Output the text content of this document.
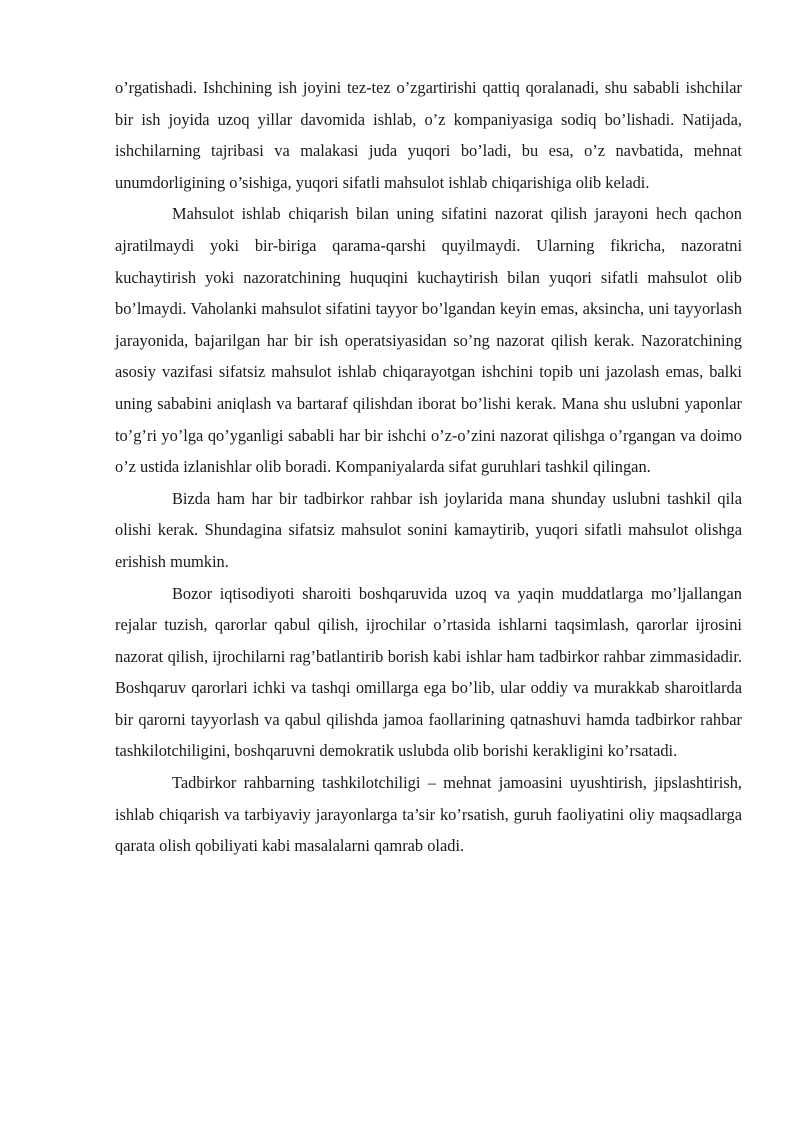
o’rgatishadi. Ishchining ish joyini tez-tez o’zgartirishi qattiq qoralanadi, shu sababli ishchilar bir ish joyida uzoq yillar davomida ishlab, o’z kompaniyasiga sodiq bo’lishadi. Natijada, ishchilarning tajribasi va malakasi juda yuqori bo’ladi, bu esa, o’z navbatida, mehnat unumdorligining o’sishiga, yuqori sifatli mahsulot ishlab chiqarishiga olib keladi.

Mahsulot ishlab chiqarish bilan uning sifatini nazorat qilish jarayoni hech qachon ajratilmaydi yoki bir-biriga qarama-qarshi quyilmaydi. Ularning fikricha, nazoratni kuchaytirish yoki nazoratchining huquqini kuchaytirish bilan yuqori sifatli mahsulot olib bo’lmaydi. Vaholanki mahsulot sifatini tayyor bo’lgandan keyin emas, aksincha, uni tayyorlash jarayonida, bajarilgan har bir ish operatsiyasidan so’ng nazorat qilish kerak. Nazoratchining asosiy vazifasi sifatsiz mahsulot ishlab chiqarayotgan ishchini topib uni jazolash emas, balki uning sababini aniqlash va bartaraf qilishdan iborat bo’lishi kerak. Mana shu uslubni yaponlar to’g’ri yo’lga qo’yganligi sababli har bir ishchi o’z-o’zini nazorat qilishga o’rgangan va doimo o’z ustida izlanishlar olib boradi. Kompaniyalarda sifat guruhlari tashkil qilingan.

Bizda ham har bir tadbirkor rahbar ish joylarida mana shunday uslubni tashkil qila olishi kerak. Shundagina sifatsiz mahsulot sonini kamaytirib, yuqori sifatli mahsulot olishga erishish mumkin.

Bozor iqtisodiyoti sharoiti boshqaruvida uzoq va yaqin muddatlarga mo’ljallangan rejalar tuzish, qarorlar qabul qilish, ijrochilar o’rtasida ishlarni taqsimlash, qarorlar ijrosini nazorat qilish, ijrochilarni rag’batlantirib borish kabi ishlar ham tadbirkor rahbar zimmasidadir. Boshqaruv qarorlari ichki va tashqi omillarga ega bo’lib, ular oddiy va murakkab sharoitlarda bir qarorni tayyorlash va qabul qilishda jamoa faollarining qatnashuvi hamda tadbirkor rahbar tashkilotchiligini, boshqaruvni demokratik uslubda olib borishi kerakligini ko’rsatadi.

Tadbirkor rahbarning tashkilotchiligi – mehnat jamoasini uyushtirish, jipslashtirish, ishlab chiqarish va tarbiyaviy jarayonlarga ta’sir ko’rsatish, guruh faoliyatini oliy maqsadlarga qarata olish qobiliyati kabi masalalarni qamrab oladi.
